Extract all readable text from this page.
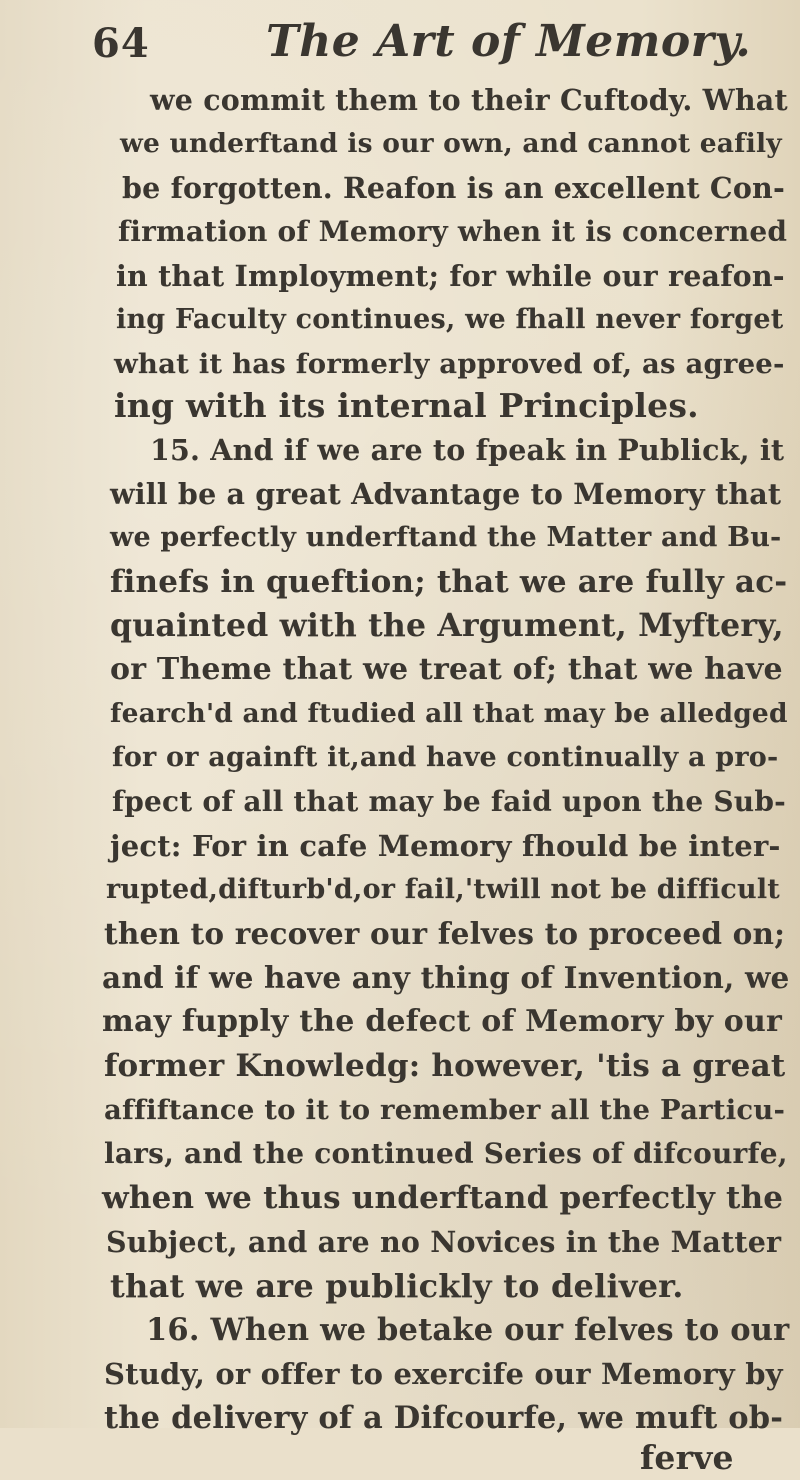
64	The Art of Memory.
we commit them to their Cuftody. What
we underftand is our own, and cannot eafily
be forgotten. Reafon is an excellent Con-
firmation of Memory when it is concerned
in that Imployment; for while our reafon-
ing Faculty continues, we fhall never forget
what it has formerly approved of, as agree-
ing with its internal Principles.
15. And if we are to fpeak in Publick, it
will be a great Advantage to Memory that
we perfectly underftand the Matter and Bu-
finefs in queftion; that we are fully ac-
quainted with the Argument, Myftery,
or Theme that we treat of; that we have
fearch'd and ftudied all that may be alledged
for or againft it,and have continually a pro-
fpect of all that may be faid upon the Sub-
ject: For in cafe Memory fhould be inter-
rupted,difturb'd,or fail,'twill not be difficult
then to recover our felves to proceed on;
and if we have any thing of Invention, we
may fupply the defect of Memory by our
former Knowledg: however, 'tis a great
affiftance to it to remember all the Particu-
lars, and the continued Series of difcourfe,
when we thus underftand perfectly the
Subject, and are no Novices in the Matter
that we are publickly to deliver.
16. When we betake our felves to our
Study, or offer to exercife our Memory by
the delivery of a Difcourfe, we muft ob-
ferve
